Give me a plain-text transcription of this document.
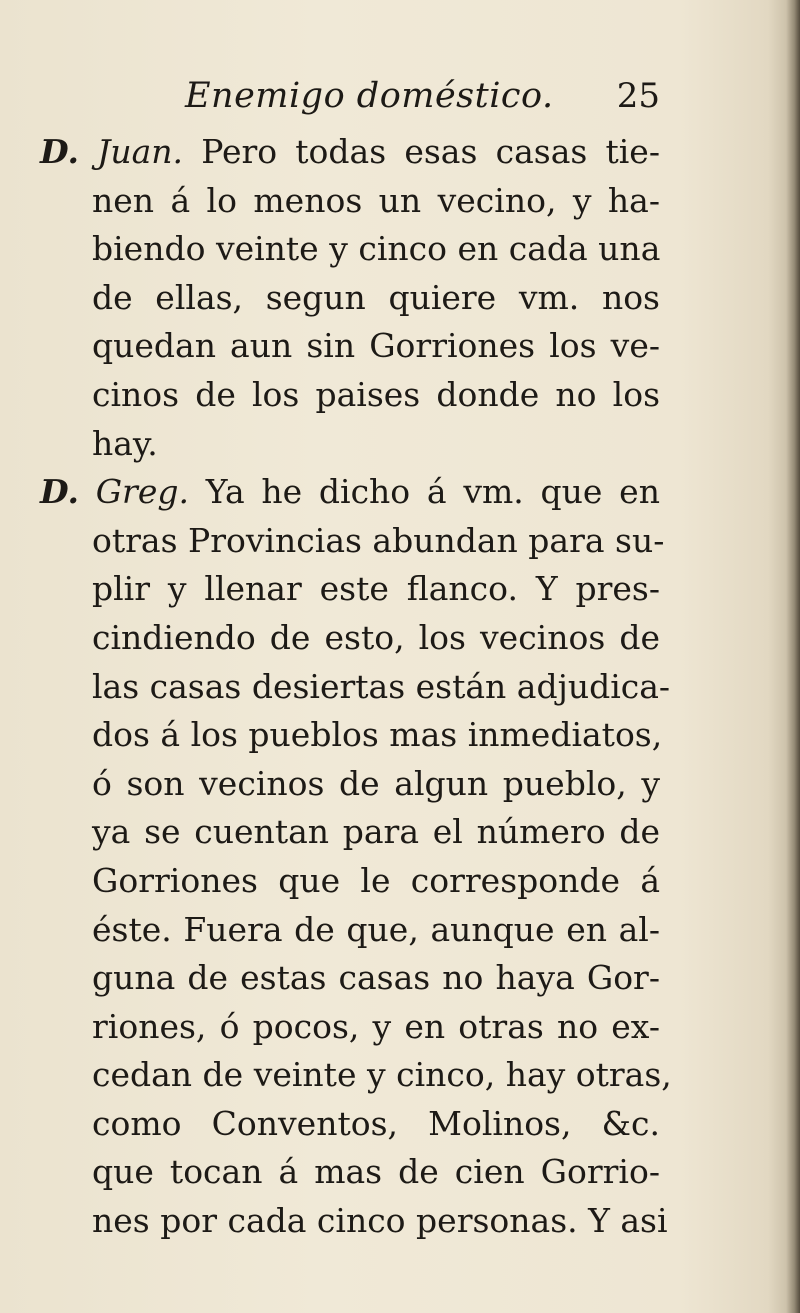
Enemigo doméstico. 25
D. Juan. Pero todas esas casas tie-
nen á lo menos un vecino, y ha-
biendo veinte y cinco en cada una
de ellas, segun quiere vm. nos
quedan aun sin Gorriones los ve-
cinos de los paises donde no los
hay.
D. Greg. Ya he dicho á vm. que en
otras Provincias abundan para su-
plir y llenar este ﬂanco. Y pres-
cindiendo de esto, los vecinos de
las casas desiertas están adjudica-
dos á los pueblos mas inmediatos,
ó son vecinos de algun pueblo, y
ya se cuentan para el número de
Gorriones que le corresponde á
éste. Fuera de que, aunque en al-
guna de estas casas no haya Gor-
riones, ó pocos, y en otras no ex-
cedan de veinte y cinco, hay otras,
como Conventos, Molinos, &c.
que tocan á mas de cien Gorrio-
nes por cada cinco personas. Y asi
